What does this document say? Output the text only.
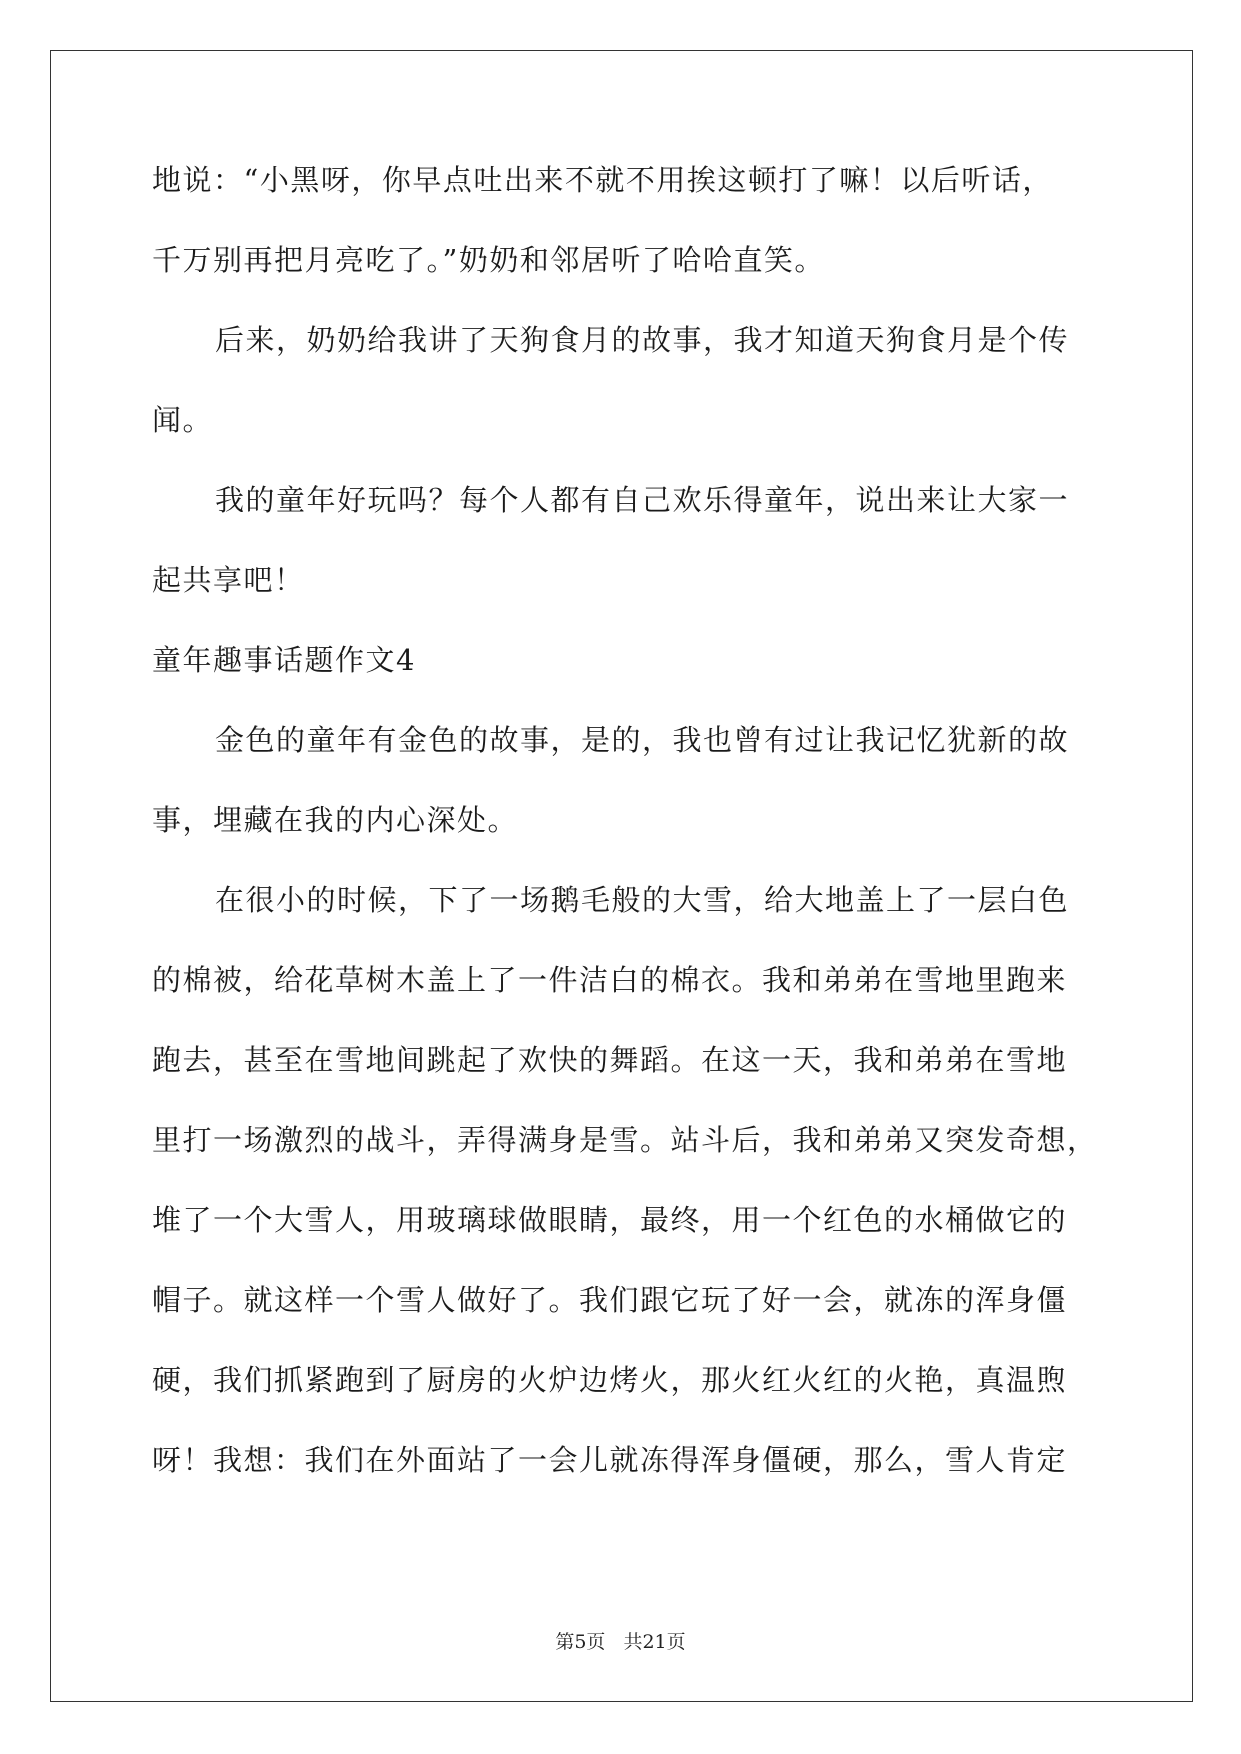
地说：“小黑呀，你早点吐出来不就不用挨这顿打了嘛！以后听话，
千万别再把月亮吃了。”奶奶和邻居听了哈哈直笑。
后来，奶奶给我讲了天狗食月的故事，我才知道天狗食月是个传
闻。
我的童年好玩吗？每个人都有自己欢乐得童年，说出来让大家一
起共享吧！
童年趣事话题作文4
金色的童年有金色的故事，是的，我也曾有过让我记忆犹新的故
事，埋藏在我的内心深处。
在很小的时候，下了一场鹅毛般的大雪，给大地盖上了一层白色
的棉被，给花草树木盖上了一件洁白的棉衣。我和弟弟在雪地里跑来
跑去，甚至在雪地间跳起了欢快的舞蹈。在这一天，我和弟弟在雪地
里打一场激烈的战斗，弄得满身是雪。站斗后，我和弟弟又突发奇想，
堆了一个大雪人，用玻璃球做眼睛，最终，用一个红色的水桶做它的
帽子。就这样一个雪人做好了。我们跟它玩了好一会，就冻的浑身僵
硬，我们抓紧跑到了厨房的火炉边烤火，那火红火红的火艳，真温煦
呀！我想：我们在外面站了一会儿就冻得浑身僵硬，那么，雪人肯定
第5页 共21页
